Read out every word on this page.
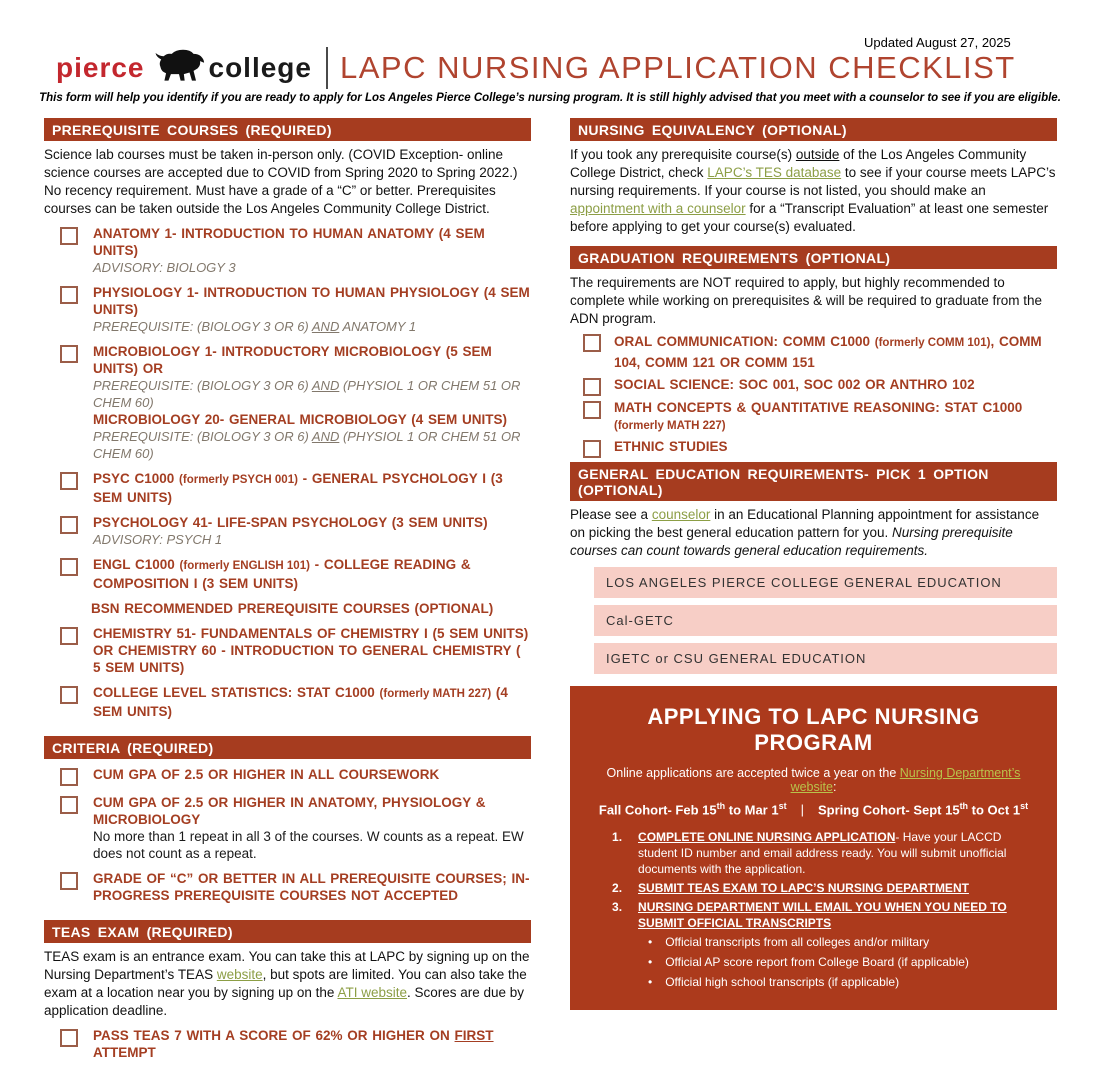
Updated August 27, 2025
pierce college LAPC NURSING APPLICATION CHECKLIST
This form will help you identify if you are ready to apply for Los Angeles Pierce College’s nursing program. It is still highly advised that you meet with a counselor to see if you are eligible.
PREREQUISITE COURSES (REQUIRED)
Science lab courses must be taken in-person only. (COVID Exception- online science courses are accepted due to COVID from Spring 2020 to Spring 2022.) No recency requirement. Must have a grade of a “C” or better. Prerequisites courses can be taken outside the Los Angeles Community College District.
ANATOMY 1- INTRODUCTION TO HUMAN ANATOMY (4 SEM UNITS)
ADVISORY: BIOLOGY 3
PHYSIOLOGY 1- INTRODUCTION TO HUMAN PHYSIOLOGY (4 SEM UNITS)
PREREQUISITE: (BIOLOGY 3 OR 6) AND ANATOMY 1
MICROBIOLOGY 1- INTRODUCTORY MICROBIOLOGY (5 SEM UNITS) OR
PREREQUISITE: (BIOLOGY 3 OR 6) AND (PHYSIOL 1 OR CHEM 51 OR CHEM 60)
MICROBIOLOGY 20- GENERAL MICROBIOLOGY (4 SEM UNITS) PREREQUISITE: (BIOLOGY 3 OR 6) AND (PHYSIOL 1 OR CHEM 51 OR CHEM 60)
PSYC C1000 (formerly PSYCH 001) - GENERAL PSYCHOLOGY I (3 SEM UNITS)
PSYCHOLOGY 41- LIFE-SPAN PSYCHOLOGY (3 SEM UNITS)
ADVISORY: PSYCH 1
ENGL C1000 (formerly ENGLISH 101) - COLLEGE READING & COMPOSITION I (3 SEM UNITS)
BSN RECOMMENDED PREREQUISITE COURSES (OPTIONAL)
CHEMISTRY 51- FUNDAMENTALS OF CHEMISTRY I (5 SEM UNITS) OR CHEMISTRY 60 - INTRODUCTION TO GENERAL CHEMISTRY ( 5 SEM UNITS)
COLLEGE LEVEL STATISTICS: STAT C1000 (formerly MATH 227) (4 SEM UNITS)
CRITERIA (REQUIRED)
CUM GPA OF 2.5 OR HIGHER IN ALL COURSEWORK
CUM GPA OF 2.5 OR HIGHER IN ANATOMY, PHYSIOLOGY & MICROBIOLOGY
No more than 1 repeat in all 3 of the courses. W counts as a repeat. EW does not count as a repeat.
GRADE OF “C” OR BETTER IN ALL PREREQUISITE COURSES; IN-PROGRESS PREREQUISITE COURSES NOT ACCEPTED
TEAS EXAM (REQUIRED)
TEAS exam is an entrance exam. You can take this at LAPC by signing up on the Nursing Department’s TEAS website, but spots are limited. You can also take the exam at a location near you by signing up on the ATI website. Scores are due by application deadline.
PASS TEAS 7 WITH A SCORE OF 62% OR HIGHER ON FIRST ATTEMPT
NURSING EQUIVALENCY (OPTIONAL)
If you took any prerequisite course(s) outside of the Los Angeles Community College District, check LAPC’s TES database to see if your course meets LAPC’s nursing requirements. If your course is not listed, you should make an appointment with a counselor for a “Transcript Evaluation” at least one semester before applying to get your course(s) evaluated.
GRADUATION REQUIREMENTS (OPTIONAL)
The requirements are NOT required to apply, but highly recommended to complete while working on prerequisites & will be required to graduate from the ADN program.
ORAL COMMUNICATION: COMM C1000 (formerly COMM 101), COMM 104, COMM 121 OR COMM 151
SOCIAL SCIENCE: SOC 001, SOC 002 OR ANTHRO 102
MATH CONCEPTS & QUANTITATIVE REASONING: STAT C1000 (formerly MATH 227)
ETHNIC STUDIES
GENERAL EDUCATION REQUIREMENTS- PICK 1 OPTION (OPTIONAL)
Please see a counselor in an Educational Planning appointment for assistance on picking the best general education pattern for you. Nursing prerequisite courses can count towards general education requirements.
LOS ANGELES PIERCE COLLEGE GENERAL EDUCATION
Cal-GETC
IGETC or CSU GENERAL EDUCATION
APPLYING TO LAPC NURSING PROGRAM
Online applications are accepted twice a year on the Nursing Department’s website:
Fall Cohort- Feb 15th to Mar 1st | Spring Cohort- Sept 15th to Oct 1st
COMPLETE ONLINE NURSING APPLICATION- Have your LACCD student ID number and email address ready. You will submit unofficial documents with the application.
SUBMIT TEAS EXAM TO LAPC’S NURSING DEPARTMENT
NURSING DEPARTMENT WILL EMAIL YOU WHEN YOU NEED TO SUBMIT OFFICIAL TRANSCRIPTS
• Official transcripts from all colleges and/or military
• Official AP score report from College Board (if applicable)
• Official high school transcripts (if applicable)
